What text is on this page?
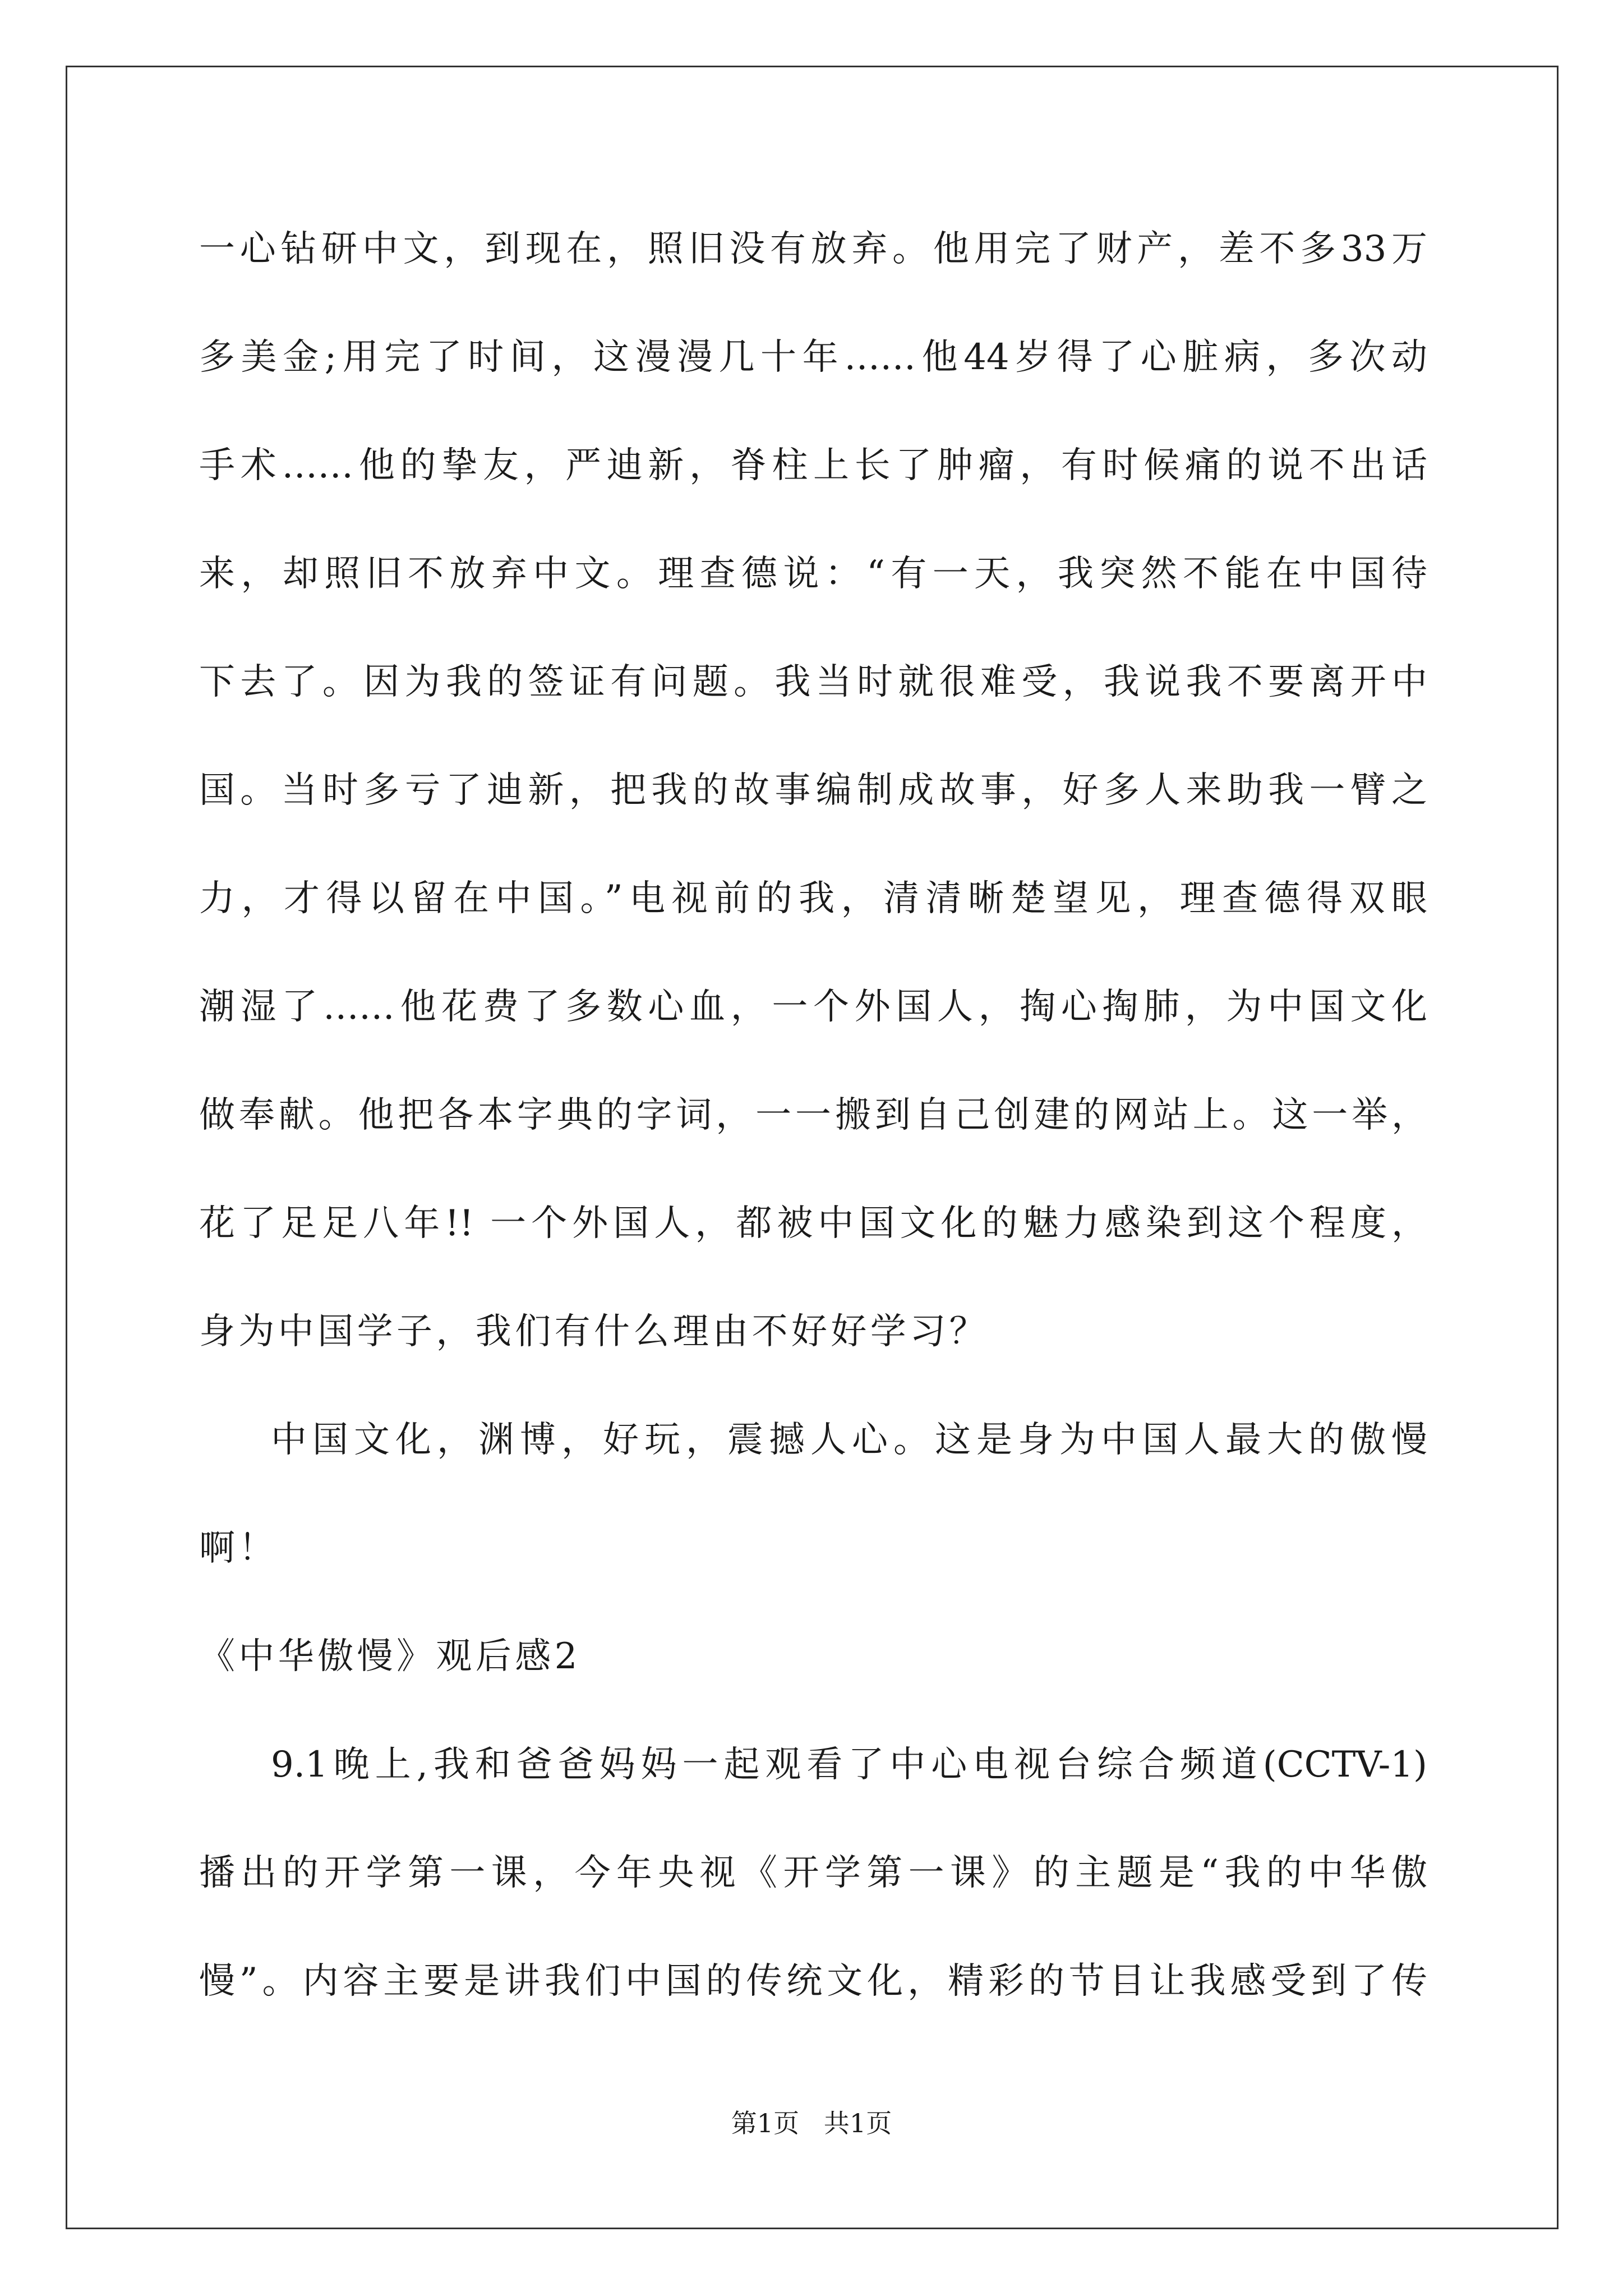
一心钻研中文，到现在，照旧没有放弃。他用完了财产，差不多33万
多美金;用完了时间，这漫漫几十年……他44岁得了心脏病，多次动
手术……他的挚友，严迪新，脊柱上长了肿瘤，有时候痛的说不出话
来，却照旧不放弃中文。理查德说：“有一天，我突然不能在中国待
下去了。因为我的签证有问题。我当时就很难受，我说我不要离开中
国。当时多亏了迪新，把我的故事编制成故事，好多人来助我一臂之
力，才得以留在中国。”电视前的我，清清晰楚望见，理查德得双眼
潮湿了……他花费了多数心血，一个外国人，掏心掏肺，为中国文化
做奉献。他把各本字典的字词，一一搬到自己创建的网站上。这一举，
花了足足八年!! 一个外国人，都被中国文化的魅力感染到这个程度，
身为中国学子，我们有什么理由不好好学习？
中国文化，渊博，好玩，震撼人心。这是身为中国人最大的傲慢
啊！
《中华傲慢》观后感2
9.1晚上,我和爸爸妈妈一起观看了中心电视台综合频道(CCTV-1)
播出的开学第一课，今年央视《开学第一课》的主题是“我的中华傲
慢”。内容主要是讲我们中国的传统文化，精彩的节目让我感受到了传
第1页   共1页
